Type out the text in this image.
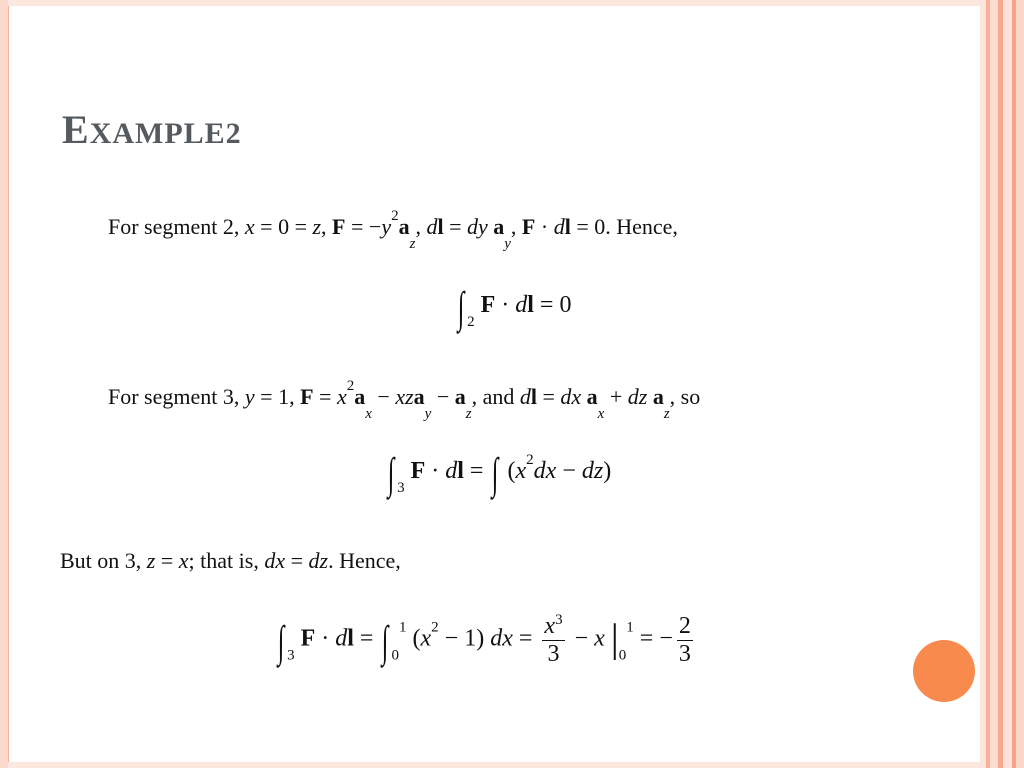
EXAMPLE2
For segment 2, x = 0 = z, $F = -y^2a_z$, dl = dy $a_y$, F · dl = 0. Hence,
∫ $_2$ F · dl = 0
For segment 3, y = 1, $F = x^2a_x - xza_y - a_z$, and dl = dx $a_x$ + dz $a_z$, so
∫ $_3$ F · dl = ∫ $(x^2dx - dz)$
But on 3, z = x; that is, dx = dz. Hence,
∫ $_3$ F · dl = ∫ $_0^1$ $(x^2 - 1)$ dx = $\frac{x^3}{3} - x$ $|_0^1$ = − $\frac{2}{3}$
